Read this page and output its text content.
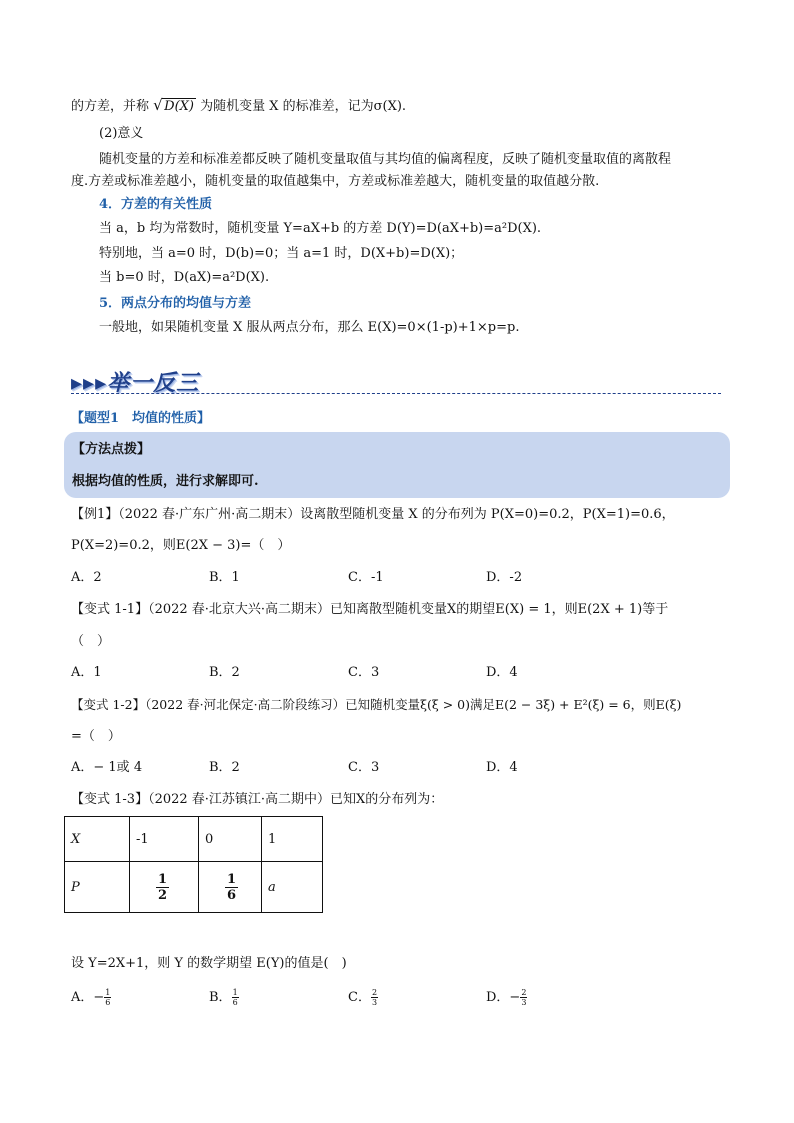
的方差，并称 √ D(X) 为随机变量 X 的标准差，记为σ(X).
(2)意义
随机变量的方差和标准差都反映了随机变量取值与其均值的偏离程度，反映了随机变量取值的离散程
度.方差或标准差越小，随机变量的取值越集中，方差或标准差越大，随机变量的取值越分散.
4．方差的有关性质
当 a，b 均为常数时，随机变量 Y=aX+b 的方差 D(Y)=D(aX+b)=a²D(X).
特别地，当 a=0 时，D(b)=0；当 a=1 时，D(X+b)=D(X)；
当 b=0 时，D(aX)=a²D(X).
5．两点分布的均值与方差
一般地，如果随机变量 X 服从两点分布，那么 E(X)=0×(1-p)+1×p=p.
▸▸▸举一反三
【题型1　均值的性质】
【方法点拨】
根据均值的性质，进行求解即可.
【例1】（2022 春·广东广州·高二期末）设离散型随机变量 X 的分布列为 P(X=0)=0.2，P(X=1)=0.6，
P(X=2)=0.2，则E(2X − 3)=（　）
A．2	B．1	C．-1	D．-2
【变式 1-1】（2022 春·北京大兴·高二期末）已知离散型随机变量X的期望E(X) = 1，则E(2X + 1)等于
（　）
A．1	B．2	C．3	D．4
【变式 1-2】（2022 春·河北保定·高二阶段练习）已知随机变量ξ(ξ > 0)满足E(2 − 3ξ) + E²(ξ) = 6，则E(ξ)
=（　）
A．− 1或 4	B．2	C．3	D．4
【变式 1-3】（2022 春·江苏镇江·高二期中）已知X的分布列为：
X	-1	0	1
P	$\frac{1}{2}$	$\frac{1}{6}$	a
设 Y=2X+1，则 Y 的数学期望 E(Y)的值是(　)
A．− $\frac{1}{6}$	B． $\frac{1}{6}$	C． $\frac{2}{3}$	D．− $\frac{2}{3}$
